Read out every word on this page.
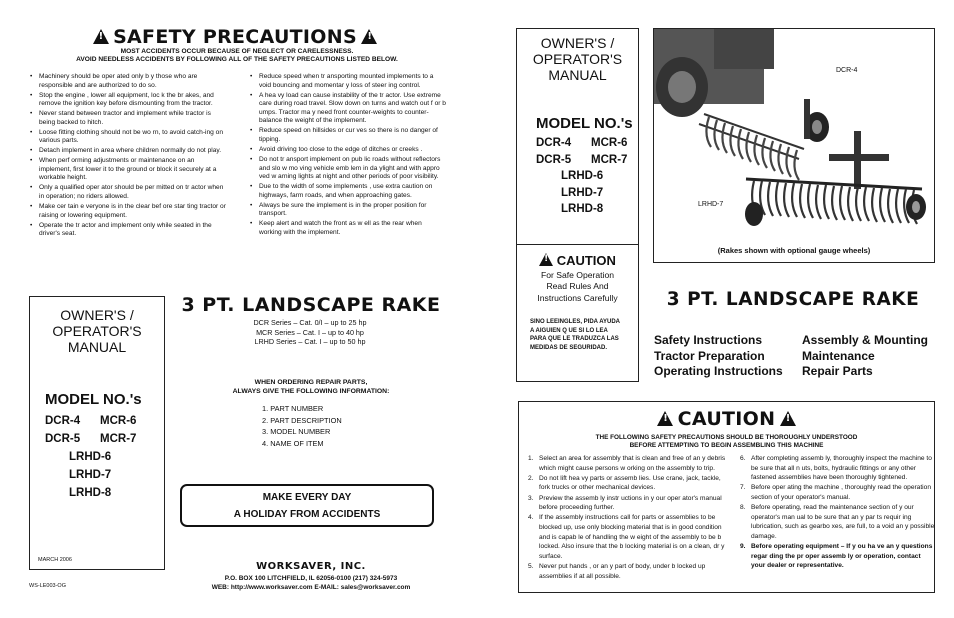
! SAFETY PRECAUTIONS !
MOST ACCIDENTS OCCUR BECAUSE OF NEGLECT OR CARELESSNESS.
AVOID NEEDLESS ACCIDENTS BY FOLLOWING ALL OF THE SAFETY PRECAUTIONS LISTED BELOW.
• Machinery should be oper ated only b y those who are responsible and are authorized to do so.
• Stop the engine , lower all equipment, loc k the br akes, and remove the ignition key before dismounting from the tractor.
• Never stand between tractor and implement while tractor is being backed to hitch.
• Loose fitting clothing should not be wo rn, to avoid catch-ing on various parts.
• Detach implement in area where children normally do not play.
• When perf orming adjustments or maintenance on an implement, first lower it to the ground or block it securely at a workable height.
• Only a qualified oper ator should be per mitted on tr actor when in operation; no riders allowed.
• Make cer tain e veryone is in the clear bef ore star ting tractor or raising or lowering equipment.
• Operate the tr actor and implement only while seated in the driver's seat.
• Reduce speed when tr ansporting mounted implements to a void bouncing and momentar y loss of steer ing control.
• A hea vy load can cause instability of the tr actor. Use extreme care during road travel. Slow down on turns and watch out f or b umps. Tractor ma y need front counter-weights to counter-balance the weight of the implement.
• Reduce speed on hillsides or cur ves so there is no danger of tipping.
• Avoid driving too close to the edge of ditches or creeks .
• Do not tr ansport implement on pub lic roads without reflectors and slo w mo ving vehicle emb lem in da ylight and with appro ved w arning lights at night and other periods of poor visibility.
• Due to the width of some implements , use extra caution on highways, farm roads, and when approaching gates.
• Always be sure the implement is in the proper position for transport.
• Keep alert and watch the front as w ell as the rear when working with the implement.
OWNER'S /
OPERATOR'S
MANUAL
MODEL NO.'s
DCR-4 MCR-6
DCR-5 MCR-7
LRHD-6
LRHD-7
LRHD-8
MARCH 2006
WS-LE003-OG
3 PT. LANDSCAPE RAKE
DCR Series – Cat. 0/I – up to 25 hp
MCR Series – Cat. I – up to 40 hp
LRHD Series – Cat. I – up to 50 hp
WHEN ORDERING REPAIR PARTS,
ALWAYS GIVE THE FOLLOWING INFORMATION:
1. PART NUMBER
2. PART DESCRIPTION
3. MODEL NUMBER
4. NAME OF ITEM
MAKE EVERY DAY
A HOLIDAY FROM ACCIDENTS
WORKSAVER, INC.
P.O. BOX 100 LITCHFIELD, IL 62056-0100 (217) 324-5973
WEB: http://www.worksaver.com E-MAIL: sales@worksaver.com
OWNER'S /
OPERATOR'S
MANUAL
MODEL NO.'s
DCR-4 MCR-6
DCR-5 MCR-7
LRHD-6
LRHD-7
LRHD-8
! CAUTION
For Safe Operation
Read Rules And
Instructions Carefully
SINO LEEINGLES, PIDA AYUDA
A AIGUIEN Q UE SI LO LEA
PARA QUE LE TRADUZCA LAS
MEDIDAS DE SEGURIDAD.
DCR-4
LRHD-7
(Rakes shown with optional gauge wheels)
3 PT. LANDSCAPE RAKE
Safety Instructions
Tractor Preparation
Operating Instructions
Assembly & Mounting
Maintenance
Repair Parts
! CAUTION !
THE FOLLOWING SAFETY PRECAUTIONS SHOULD BE THOROUGHLY UNDERSTOOD
BEFORE ATTEMPTING TO BEGIN ASSEMBLING THIS MACHINE
1. Select an area for assembly that is clean and free of an y debris which might cause persons w orking on the assembly to trip.
2. Do not lift hea vy parts or assemb lies. Use crane, jack, tackle, fork trucks or other mechanical devices.
3. Preview the assemb ly instr uctions in y our oper ator's manual before proceeding further.
4. If the assembly instructions call for parts or assemblies to be blocked up, use only blocking material that is in good condition and is capab le of handling the w eight of the assembly to be b locked. Also insure that the b locking material is on a clean, dr y surface.
5. Never put hands , or an y part of body, under b locked up assemblies if at all possible.
6. After completing assemb ly, thoroughly inspect the machine to be sure that all n uts, bolts, hydraulic fittings or any other fastened assemblies have been thoroughly tightened.
7. Before oper ating the machine , thoroughly read the operation section of your operator's manual.
8. Before operating, read the maintenance section of y our operator's man ual to be sure that an y par ts requir ing lubrication, such as gearbo xes, are full, to a void an y possible damage.
9. Before operating equipment – If y ou ha ve an y questions regar ding the pr oper assemb ly or operation, contact your dealer or representative.
